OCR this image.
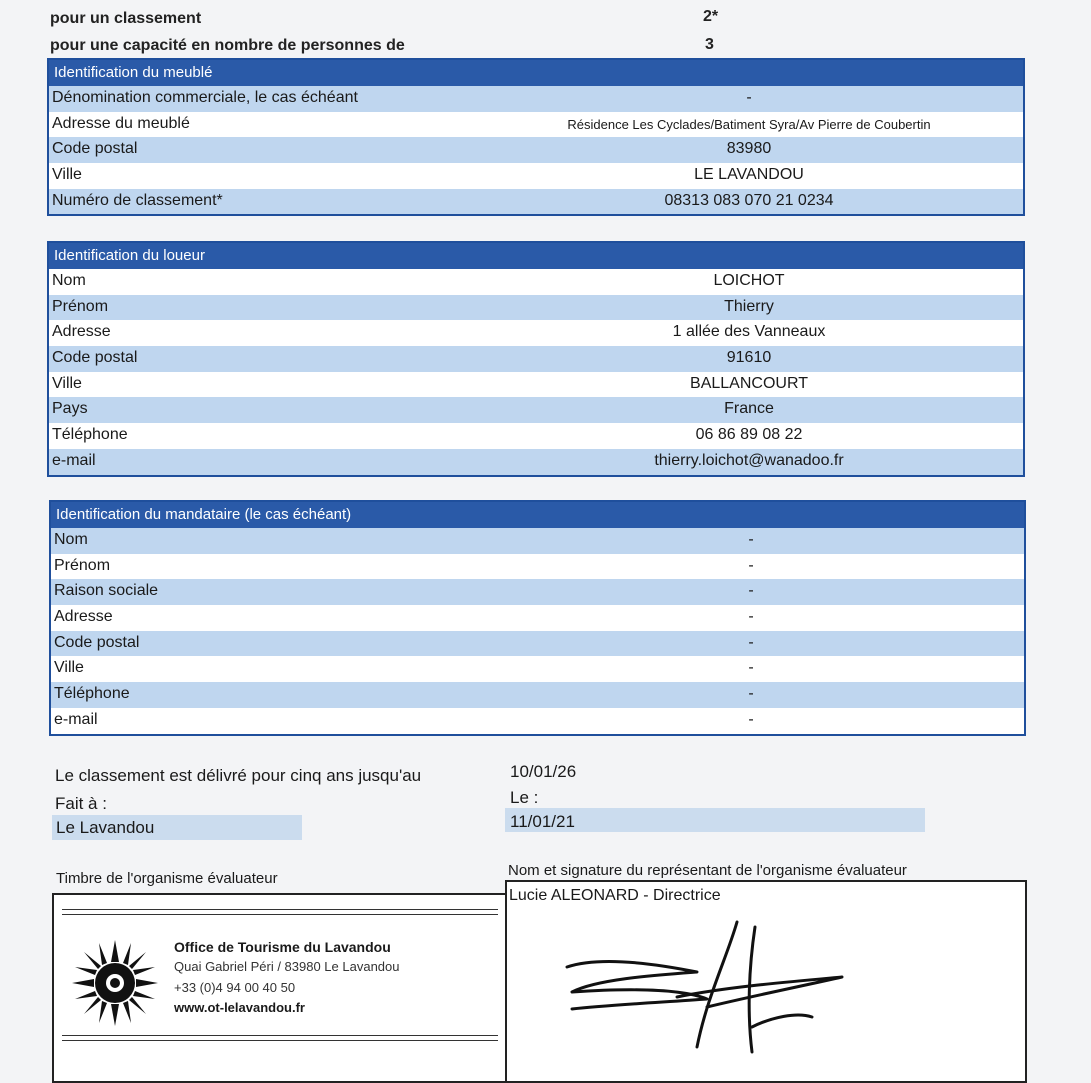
pour un classement	2*
pour une capacité en nombre de personnes de	3
Identification du meublé
Dénomination commerciale, le cas échéant	-
Adresse du meublé	Résidence Les Cyclades/Batiment Syra/Av Pierre de Coubertin
Code postal	83980
Ville	LE LAVANDOU
Numéro de classement*	08313 083 070 21 0234
Identification du loueur
Nom	LOICHOT
Prénom	Thierry
Adresse	1 allée des Vanneaux
Code postal	91610
Ville	BALLANCOURT
Pays	France
Téléphone	06 86 89 08 22
e-mail	thierry.loichot@wanadoo.fr
Identification du mandataire (le cas échéant)
Nom	-
Prénom	-
Raison sociale	-
Adresse	-
Code postal	-
Ville	-
Téléphone	-
e-mail	-
Le classement est délivré pour cinq ans jusqu'au	10/01/26
Fait à :	Le :
Le Lavandou	11/01/21
Timbre de l'organisme évaluateur	Nom et signature du représentant de l'organisme évaluateur
Office de Tourisme du Lavandou
Quai Gabriel Péri / 83980 Le Lavandou
+33 (0)4 94 00 40 50
www.ot-lelavandou.fr
Lucie ALEONARD - Directrice
